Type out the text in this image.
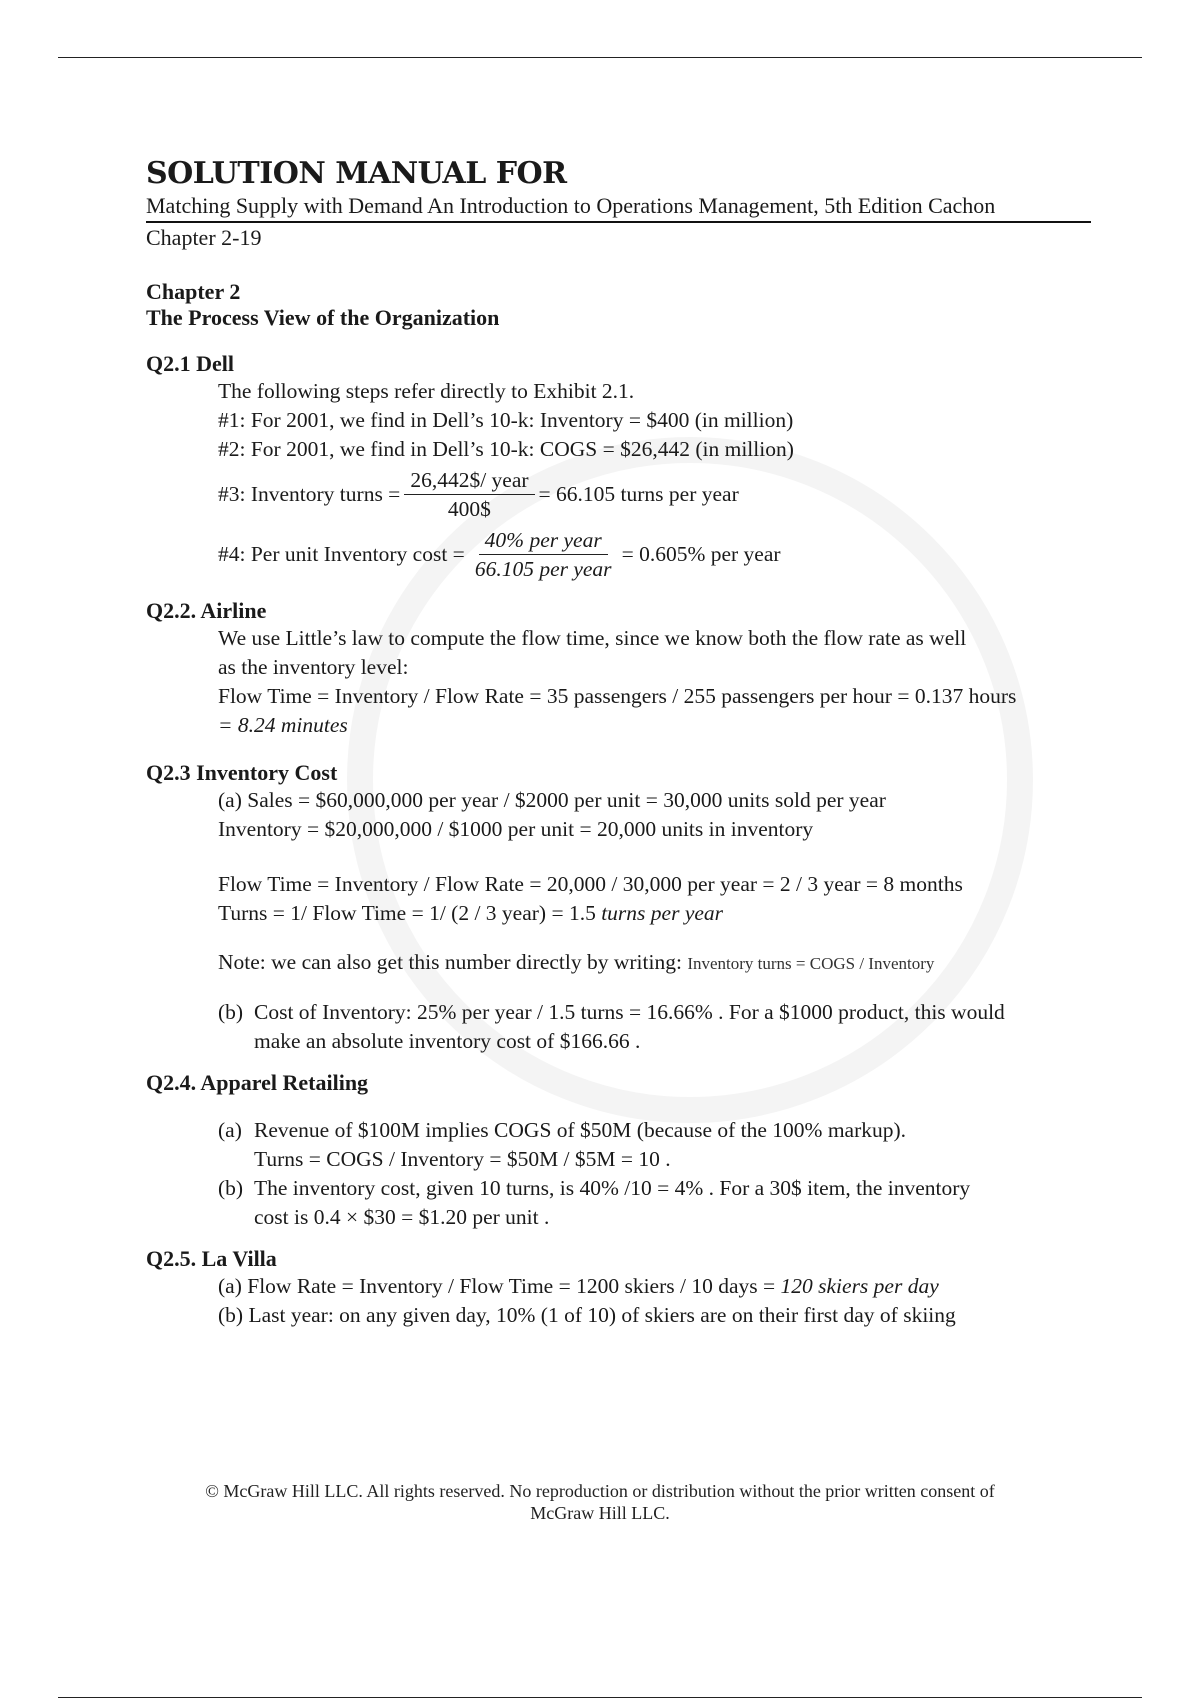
SOLUTION MANUAL FOR
Matching Supply with Demand An Introduction to Operations Management, 5th Edition Cachon
Chapter 2-19
Chapter 2
The Process View of the Organization
Q2.1 Dell
The following steps refer directly to Exhibit 2.1.
#1: For 2001, we find in Dell’s 10-k: Inventory = $400 (in million)
#2: For 2001, we find in Dell’s 10-k: COGS = $26,442 (in million)
#3: Inventory turns = $\frac{\text{26,442\$/ year}}{400\$} = 66.105$ turns per year
#4: Per unit Inventory $\cos t = \frac{\text{40\% per year}}{\text{66.105 per year}} = 0.605\%$ per year
Q2.2. Airline
We use Little’s law to compute the flow time, since we know both the flow rate as well
as the inventory level:
Flow Time = Inventory / Flow Rate = 35 passengers / 255 passengers per hour = 0.137 hours
= 8.24 minutes
Q2.3 Inventory Cost
(a) Sales = $60,000,000 per year / $2000 per unit = 30,000 units sold per year
Inventory = $20,000,000 / $1000 per unit = 20,000 units in inventory
Flow Time = Inventory / Flow Rate = 20,000 / 30,000 per year = 2 / 3 year = 8 months
Turns = 1/ Flow Time = 1/ (2 / 3 year) = 1.5 turns per year
Note: we can also get this number directly by writing: Inventory turns = COGS / Inventory
(b) Cost of Inventory: 25% per year / 1.5 turns = 16.66% . For a $1000 product, this would
make an absolute inventory cost of $166.66 .
Q2.4. Apparel Retailing
(a) Revenue of $100M implies COGS of $50M (because of the 100% markup).
Turns = COGS / Inventory = $50M / $5M = 10 .
(b) The inventory cost, given 10 turns, is 40% /10 = 4% . For a 30$ item, the inventory
cost is 0.4 × $30 = $1.20 per unit .
Q2.5. La Villa
(a) Flow Rate = Inventory / Flow Time = 1200 skiers / 10 days = 120 skiers per day
(b) Last year: on any given day, 10% (1 of 10) of skiers are on their first day of skiing
© McGraw Hill LLC. All rights reserved. No reproduction or distribution without the prior written consent of
McGraw Hill LLC.
